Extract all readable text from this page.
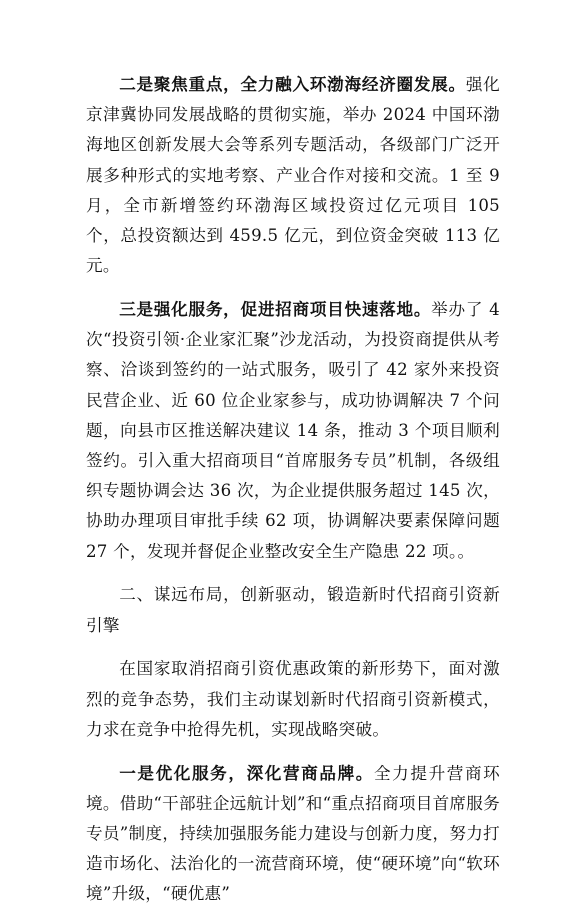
二是聚焦重点，全力融入环渤海经济圈发展。强化京津冀协同发展战略的贯彻实施，举办 2024 中国环渤海地区创新发展大会等系列专题活动，各级部门广泛开展多种形式的实地考察、产业合作对接和交流。1 至 9 月，全市新增签约环渤海区域投资过亿元项目 105 个，总投资额达到 459.5 亿元，到位资金突破 113 亿元。

三是强化服务，促进招商项目快速落地。举办了 4 次“投资引领·企业家汇聚”沙龙活动，为投资商提供从考察、洽谈到签约的一站式服务，吸引了 42 家外来投资民营企业、近 60 位企业家参与，成功协调解决 7 个问题，向县市区推送解决建议 14 条，推动 3 个项目顺利签约。引入重大招商项目“首席服务专员”机制，各级组织专题协调会达 36 次，为企业提供服务超过 145 次，协助办理项目审批手续 62 项，协调解决要素保障问题 27 个，发现并督促企业整改安全生产隐患 22 项。。

二、谋远布局，创新驱动，锻造新时代招商引资新引擎

在国家取消招商引资优惠政策的新形势下，面对激烈的竞争态势，我们主动谋划新时代招商引资新模式，力求在竞争中抢得先机，实现战略突破。

一是优化服务，深化营商品牌。全力提升营商环境。借助“干部驻企远航计划”和“重点招商项目首席服务专员”制度，持续加强服务能力建设与创新力度，努力打造市场化、法治化的一流营商环境，使“硬环境”向“软环境”升级，“硬优惠”
